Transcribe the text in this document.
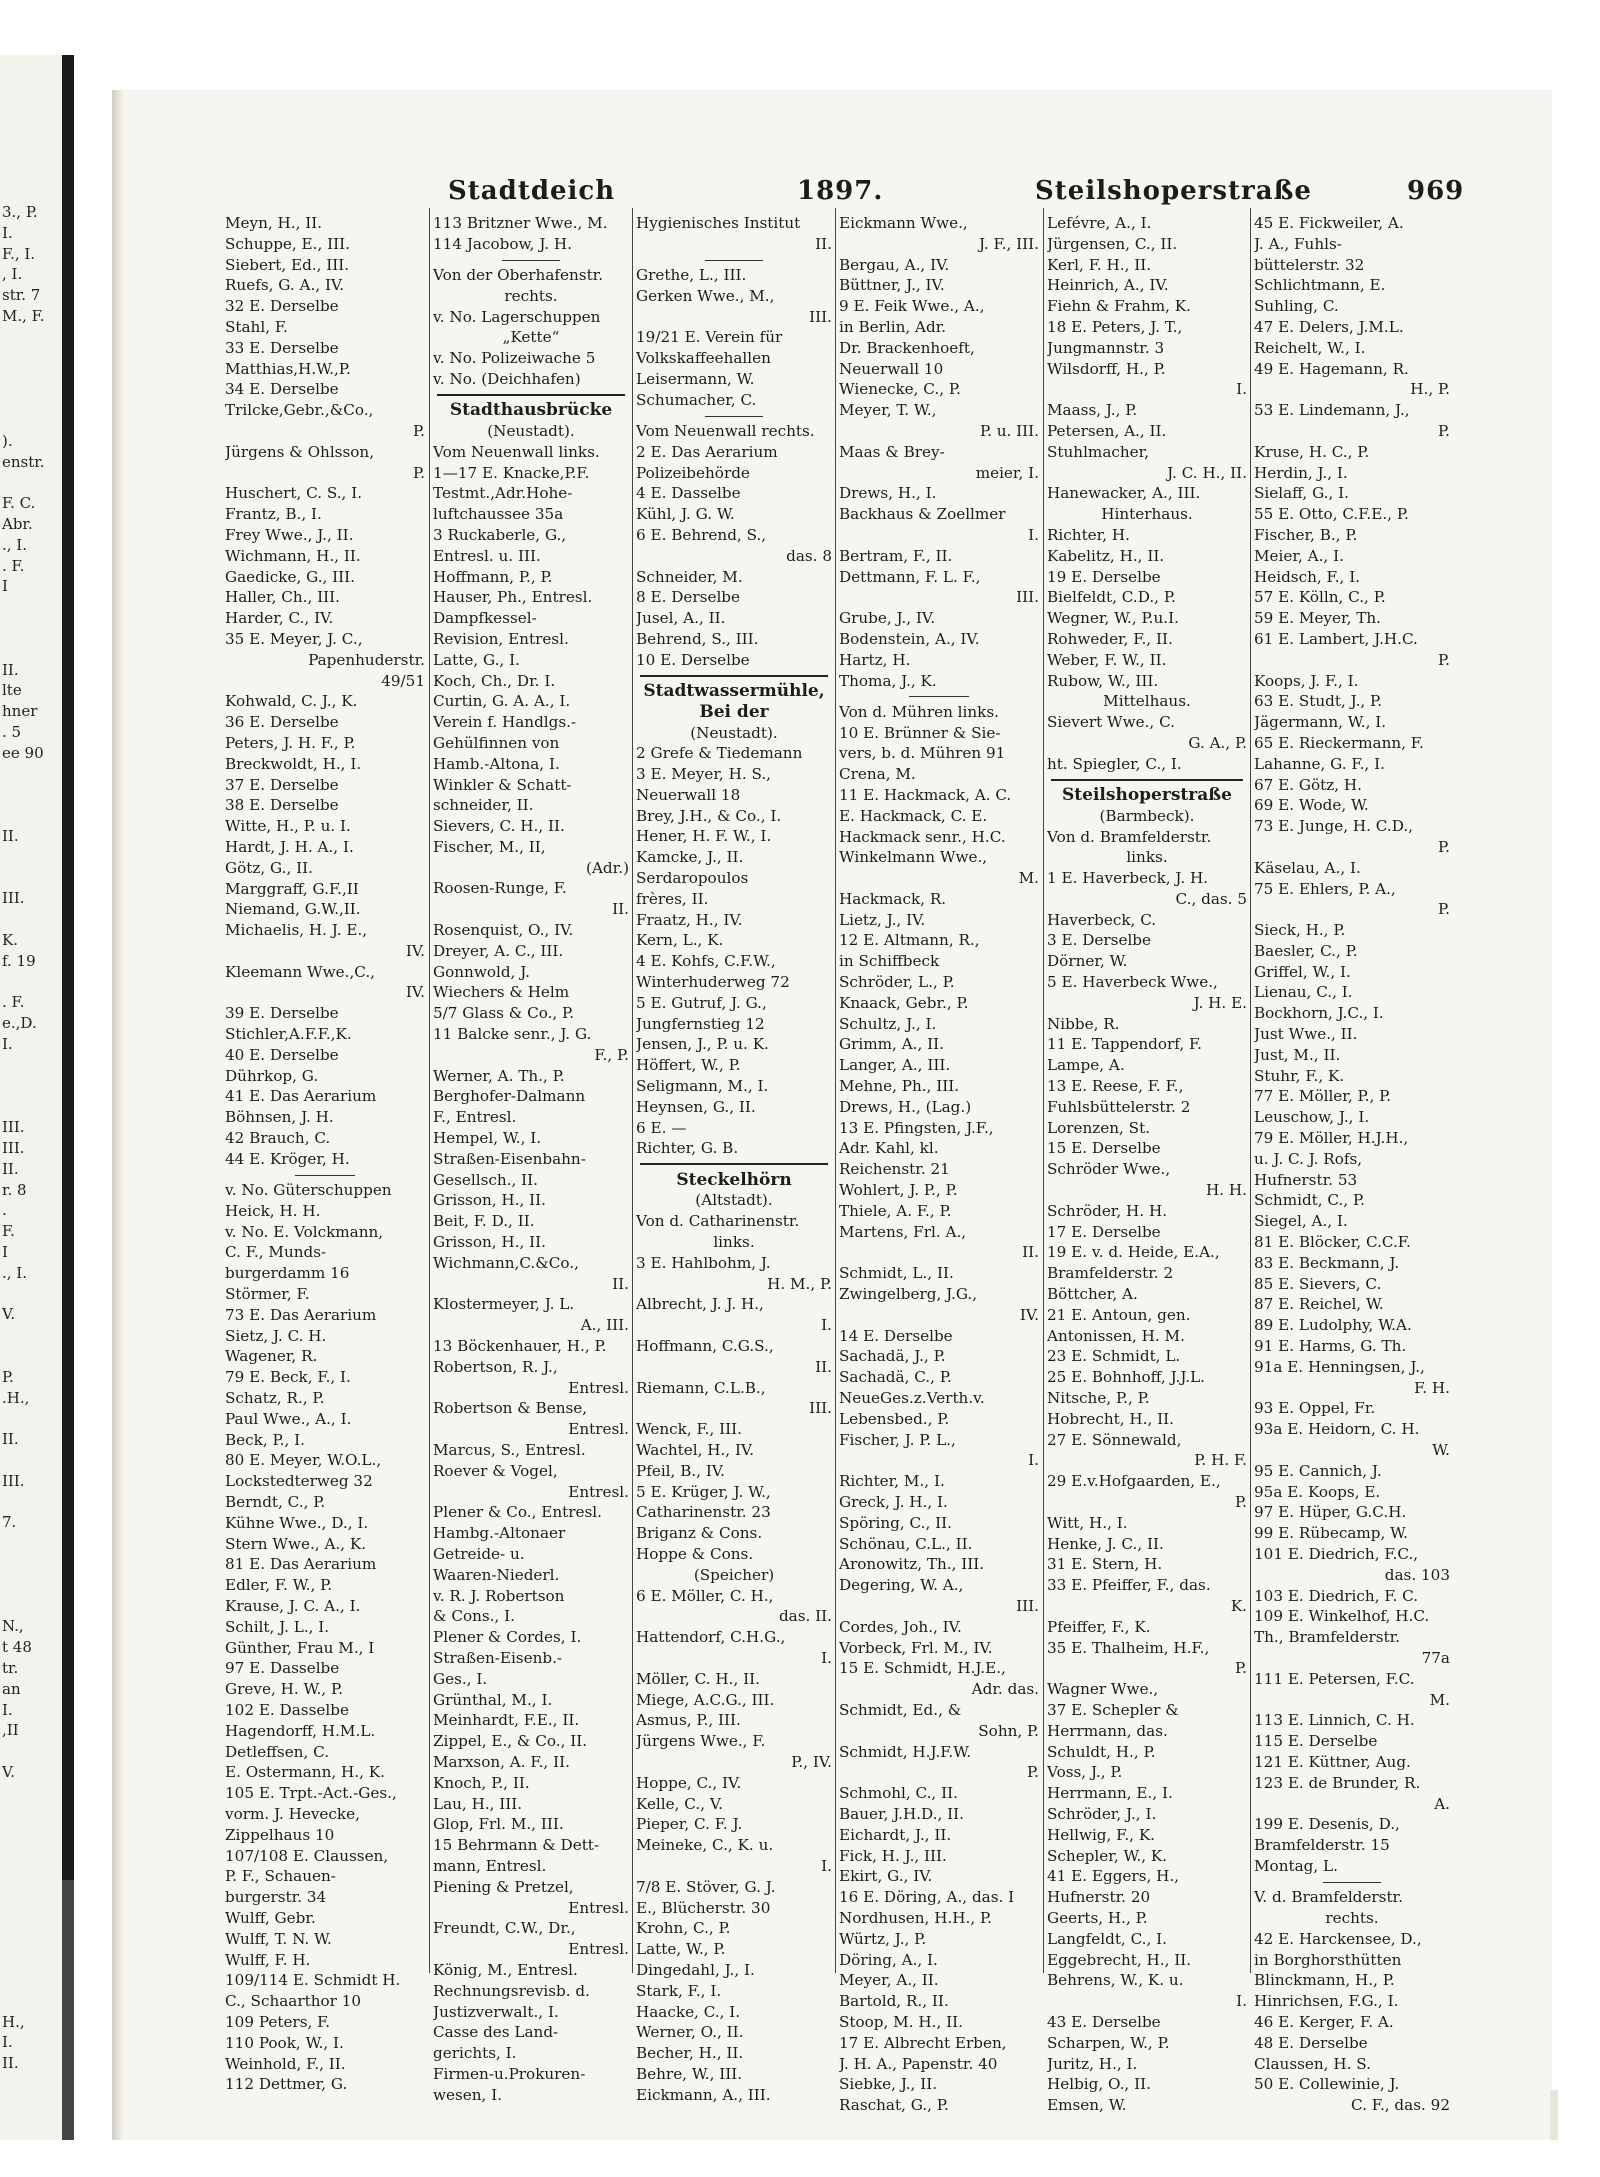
3., P.
I.
F., I.
, I.
str. 7
M., F.
).
enstr.
F. C.
Abr.
., I.
. F.
I
II.
lte
hner
. 5
ee 90
II.
III.
K.
f. 19
. F.
e.,D.
I.
III.
III.
II.
r. 8
.
F.
I
., I.
V.
P.
.H.,
II.
III.
7.
N.,
t 48
tr.
an
I.
,II
V.
H.,
I.
II.
Stadtdeich	1897.	Steilshoperstraße	969
Meyn, H., II.
Schuppe, E., III.
Siebert, Ed., III.
Ruefs, G. A., IV.
32 E. Derselbe
Stahl, F.
33 E. Derselbe
Matthias,H.W.,P.
34 E. Derselbe
Trilcke,Gebr.,&Co.,
P.
Jürgens & Ohlsson,
P.
Huschert, C. S., I.
Frantz, B., I.
Frey Wwe., J., II.
Wichmann, H., II.
Gaedicke, G., III.
Haller, Ch., III.
Harder, C., IV.
35 E. Meyer, J. C.,
Papenhuderstr.
49/51
Kohwald, C. J., K.
36 E. Derselbe
Peters, J. H. F., P.
Breckwoldt, H., I.
37 E. Derselbe
38 E. Derselbe
Witte, H., P. u. I.
Hardt, J. H. A., I.
Götz, G., II.
Marggraff, G.F.,II
Niemand, G.W.,II.
Michaelis, H. J. E.,
IV.
Kleemann Wwe.,C.,
IV.
39 E. Derselbe
Stichler,A.F.F.,K.
40 E. Derselbe
Dührkop, G.
41 E. Das Aerarium
Böhnsen, J. H.
42 Brauch, C.
44 E. Kröger, H.
v. No. Güterschuppen
Heick, H. H.
v. No. E. Volckmann,
C. F., Munds-
burgerdamm 16
Störmer, F.
73 E. Das Aerarium
Sietz, J. C. H.
Wagener, R.
79 E. Beck, F., I.
Schatz, R., P.
Paul Wwe., A., I.
Beck, P., I.
80 E. Meyer, W.O.L.,
Lockstedterweg 32
Berndt, C., P.
Kühne Wwe., D., I.
Stern Wwe., A., K.
81 E. Das Aerarium
Edler, F. W., P.
Krause, J. C. A., I.
Schilt, J. L., I.
Günther, Frau M., I
97 E. Dasselbe
Greve, H. W., P.
102 E. Dasselbe
Hagendorff, H.M.L.
Detleffsen, C.
E. Ostermann, H., K.
105 E. Trpt.-Act.-Ges.,
vorm. J. Hevecke,
Zippelhaus 10
107/108 E. Claussen,
P. F., Schauen-
burgerstr. 34
Wulff, Gebr.
Wulff, T. N. W.
Wulff, F. H.
109/114 E. Schmidt H.
C., Schaarthor 10
109 Peters, F.
110 Pook, W., I.
Weinhold, F., II.
112 Dettmer, G.
113 Britzner Wwe., M.
114 Jacobow, J. H.
Von der Oberhafenstr.
rechts.
v. No. Lagerschuppen
„Kette“
v. No. Polizeiwache 5
v. No. (Deichhafen)
Stadthausbrücke
(Neustadt).
Vom Neuenwall links.
1—17 E. Knacke,P.F.
Testmt.,Adr.Hohe-
luftchaussee 35a
3 Ruckaberle, G.,
Entresl. u. III.
Hoffmann, P., P.
Hauser, Ph., Entresl.
Dampfkessel-
Revision, Entresl.
Latte, G., I.
Koch, Ch., Dr. I.
Curtin, G. A. A., I.
Verein f. Handlgs.-
Gehülfinnen von
Hamb.-Altona, I.
Winkler & Schatt-
schneider, II.
Sievers, C. H., II.
Fischer, M., II,
(Adr.)
Roosen-Runge, F.
II.
Rosenquist, O., IV.
Dreyer, A. C., III.
Gonnwold, J.
Wiechers & Helm
5/7 Glass & Co., P.
11 Balcke senr., J. G.
F., P.
Werner, A. Th., P.
Berghofer-Dalmann
F., Entresl.
Hempel, W., I.
Straßen-Eisenbahn-
Gesellsch., II.
Grisson, H., II.
Beit, F. D., II.
Grisson, H., II.
Wichmann,C.&Co.,
II.
Klostermeyer, J. L.
A., III.
13 Böckenhauer, H., P.
Robertson, R. J.,
Entresl.
Robertson & Bense,
Entresl.
Marcus, S., Entresl.
Roever & Vogel,
Entresl.
Plener & Co., Entresl.
Hambg.-Altonaer
Getreide- u.
Waaren-Niederl.
v. R. J. Robertson
& Cons., I.
Plener & Cordes, I.
Straßen-Eisenb.-
Ges., I.
Grünthal, M., I.
Meinhardt, F.E., II.
Zippel, E., & Co., II.
Marxson, A. F., II.
Knoch, P., II.
Lau, H., III.
Glop, Frl. M., III.
15 Behrmann & Dett-
mann, Entresl.
Piening & Pretzel,
Entresl.
Freundt, C.W., Dr.,
Entresl.
König, M., Entresl.
Rechnungsrevisb. d.
Justizverwalt., I.
Casse des Land-
gerichts, I.
Firmen-u.Prokuren-
wesen, I.
Hygienisches Institut
II.
Grethe, L., III.
Gerken Wwe., M.,
III.
19/21 E. Verein für
Volkskaffeehallen
Leisermann, W.
Schumacher, C.
Vom Neuenwall rechts.
2 E. Das Aerarium
Polizeibehörde
4 E. Dasselbe
Kühl, J. G. W.
6 E. Behrend, S.,
das. 8
Schneider, M.
8 E. Derselbe
Jusel, A., II.
Behrend, S., III.
10 E. Derselbe
Stadtwassermühle,
Bei der
(Neustadt).
2 Grefe & Tiedemann
3 E. Meyer, H. S.,
Neuerwall 18
Brey, J.H., & Co., I.
Hener, H. F. W., I.
Kamcke, J., II.
Serdaropoulos
frères, II.
Fraatz, H., IV.
Kern, L., K.
4 E. Kohfs, C.F.W.,
Winterhuderweg 72
5 E. Gutruf, J. G.,
Jungfernstieg 12
Jensen, J., P. u. K.
Höffert, W., P.
Seligmann, M., I.
Heynsen, G., II.
6 E. —
Richter, G. B.
Steckelhörn
(Altstadt).
Von d. Catharinenstr.
links.
3 E. Hahlbohm, J.
H. M., P.
Albrecht, J. J. H.,
I.
Hoffmann, C.G.S.,
II.
Riemann, C.L.B.,
III.
Wenck, F., III.
Wachtel, H., IV.
Pfeil, B., IV.
5 E. Krüger, J. W.,
Catharinenstr. 23
Briganz & Cons.
Hoppe & Cons.
(Speicher)
6 E. Möller, C. H.,
das. II.
Hattendorf, C.H.G.,
I.
Möller, C. H., II.
Miege, A.C.G., III.
Asmus, P., III.
Jürgens Wwe., F.
P., IV.
Hoppe, C., IV.
Kelle, C., V.
Pieper, C. F. J.
Meineke, C., K. u.
I.
7/8 E. Stöver, G. J.
E., Blücherstr. 30
Krohn, C., P.
Latte, W., P.
Dingedahl, J., I.
Stark, F., I.
Haacke, C., I.
Werner, O., II.
Becher, H., II.
Behre, W., III.
Eickmann, A., III.
Eickmann Wwe.,
J. F., III.
Bergau, A., IV.
Büttner, J., IV.
9 E. Feik Wwe., A.,
in Berlin, Adr.
Dr. Brackenhoeft,
Neuerwall 10
Wienecke, C., P.
Meyer, T. W.,
P. u. III.
Maas & Brey-
meier, I.
Drews, H., I.
Backhaus & Zoellmer
I.
Bertram, F., II.
Dettmann, F. L. F.,
III.
Grube, J., IV.
Bodenstein, A., IV.
Hartz, H.
Thoma, J., K.
Von d. Mühren links.
10 E. Brünner & Sie-
vers, b. d. Mühren 91
Crena, M.
11 E. Hackmack, A. C.
E. Hackmack, C. E.
Hackmack senr., H.C.
Winkelmann Wwe.,
M.
Hackmack, R.
Lietz, J., IV.
12 E. Altmann, R.,
in Schiffbeck
Schröder, L., P.
Knaack, Gebr., P.
Schultz, J., I.
Grimm, A., II.
Langer, A., III.
Mehne, Ph., III.
Drews, H., (Lag.)
13 E. Pfingsten, J.F.,
Adr. Kahl, kl.
Reichenstr. 21
Wohlert, J. P., P.
Thiele, A. F., P.
Martens, Frl. A.,
II.
Schmidt, L., II.
Zwingelberg, J.G.,
IV.
14 E. Derselbe
Sachadä, J., P.
Sachadä, C., P.
NeueGes.z.Verth.v.
Lebensbed., P.
Fischer, J. P. L.,
I.
Richter, M., I.
Greck, J. H., I.
Spöring, C., II.
Schönau, C.L., II.
Aronowitz, Th., III.
Degering, W. A.,
III.
Cordes, Joh., IV.
Vorbeck, Frl. M., IV.
15 E. Schmidt, H.J.E.,
Adr. das.
Schmidt, Ed., &
Sohn, P.
Schmidt, H.J.F.W.
P.
Schmohl, C., II.
Bauer, J.H.D., II.
Eichardt, J., II.
Fick, H. J., III.
Ekirt, G., IV.
16 E. Döring, A., das. I
Nordhusen, H.H., P.
Würtz, J., P.
Döring, A., I.
Meyer, A., II.
Bartold, R., II.
Stoop, M. H., II.
17 E. Albrecht Erben,
J. H. A., Papenstr. 40
Siebke, J., II.
Raschat, G., P.
Lefévre, A., I.
Jürgensen, C., II.
Kerl, F. H., II.
Heinrich, A., IV.
Fiehn & Frahm, K.
18 E. Peters, J. T.,
Jungmannstr. 3
Wilsdorff, H., P.
I.
Maass, J., P.
Petersen, A., II.
Stuhlmacher,
J. C. H., II.
Hanewacker, A., III.
Hinterhaus.
Richter, H.
Kabelitz, H., II.
19 E. Derselbe
Bielfeldt, C.D., P.
Wegner, W., P.u.I.
Rohweder, F., II.
Weber, F. W., II.
Rubow, W., III.
Mittelhaus.
Sievert Wwe., C.
G. A., P.
ht. Spiegler, C., I.
Steilshoperstraße
(Barmbeck).
Von d. Bramfelderstr.
links.
1 E. Haverbeck, J. H.
C., das. 5
Haverbeck, C.
3 E. Derselbe
Dörner, W.
5 E. Haverbeck Wwe.,
J. H. E.
Nibbe, R.
11 E. Tappendorf, F.
Lampe, A.
13 E. Reese, F. F.,
Fuhlsbüttelerstr. 2
Lorenzen, St.
15 E. Derselbe
Schröder Wwe.,
H. H.
Schröder, H. H.
17 E. Derselbe
19 E. v. d. Heide, E.A.,
Bramfelderstr. 2
Böttcher, A.
21 E. Antoun, gen.
Antonissen, H. M.
23 E. Schmidt, L.
25 E. Bohnhoff, J.J.L.
Nitsche, P., P.
Hobrecht, H., II.
27 E. Sönnewald,
P. H. F.
29 E.v.Hofgaarden, E.,
P.
Witt, H., I.
Henke, J. C., II.
31 E. Stern, H.
33 E. Pfeiffer, F., das.
K.
Pfeiffer, F., K.
35 E. Thalheim, H.F.,
P.
Wagner Wwe.,
37 E. Schepler &
Herrmann, das.
Schuldt, H., P.
Voss, J., P.
Herrmann, E., I.
Schröder, J., I.
Hellwig, F., K.
Schepler, W., K.
41 E. Eggers, H.,
Hufnerstr. 20
Geerts, H., P.
Langfeldt, C., I.
Eggebrecht, H., II.
Behrens, W., K. u.
I.
43 E. Derselbe
Scharpen, W., P.
Juritz, H., I.
Helbig, O., II.
Emsen, W.
45 E. Fickweiler, A.
J. A., Fuhls-
büttelerstr. 32
Schlichtmann, E.
Suhling, C.
47 E. Delers, J.M.L.
Reichelt, W., I.
49 E. Hagemann, R.
H., P.
53 E. Lindemann, J.,
P.
Kruse, H. C., P.
Herdin, J., I.
Sielaff, G., I.
55 E. Otto, C.F.E., P.
Fischer, B., P.
Meier, A., I.
Heidsch, F., I.
57 E. Kölln, C., P.
59 E. Meyer, Th.
61 E. Lambert, J.H.C.
P.
Koops, J. F., I.
63 E. Studt, J., P.
Jägermann, W., I.
65 E. Rieckermann, F.
Lahanne, G. F., I.
67 E. Götz, H.
69 E. Wode, W.
73 E. Junge, H. C.D.,
P.
Käselau, A., I.
75 E. Ehlers, P. A.,
P.
Sieck, H., P.
Baesler, C., P.
Griffel, W., I.
Lienau, C., I.
Bockhorn, J.C., I.
Just Wwe., II.
Just, M., II.
Stuhr, F., K.
77 E. Möller, P., P.
Leuschow, J., I.
79 E. Möller, H.J.H.,
u. J. C. J. Rofs,
Hufnerstr. 53
Schmidt, C., P.
Siegel, A., I.
81 E. Blöcker, C.C.F.
83 E. Beckmann, J.
85 E. Sievers, C.
87 E. Reichel, W.
89 E. Ludolphy, W.A.
91 E. Harms, G. Th.
91a E. Henningsen, J.,
F. H.
93 E. Oppel, Fr.
93a E. Heidorn, C. H.
W.
95 E. Cannich, J.
95a E. Koops, E.
97 E. Hüper, G.C.H.
99 E. Rübecamp, W.
101 E. Diedrich, F.C.,
das. 103
103 E. Diedrich, F. C.
109 E. Winkelhof, H.C.
Th., Bramfelderstr.
77a
111 E. Petersen, F.C.
M.
113 E. Linnich, C. H.
115 E. Derselbe
121 E. Küttner, Aug.
123 E. de Brunder, R.
A.
199 E. Desenis, D.,
Bramfelderstr. 15
Montag, L.
V. d. Bramfelderstr.
rechts.
42 E. Harckensee, D.,
in Borghorsthütten
Blinckmann, H., P.
Hinrichsen, F.G., I.
46 E. Kerger, F. A.
48 E. Derselbe
Claussen, H. S.
50 E. Collewinie, J.
C. F., das. 92
